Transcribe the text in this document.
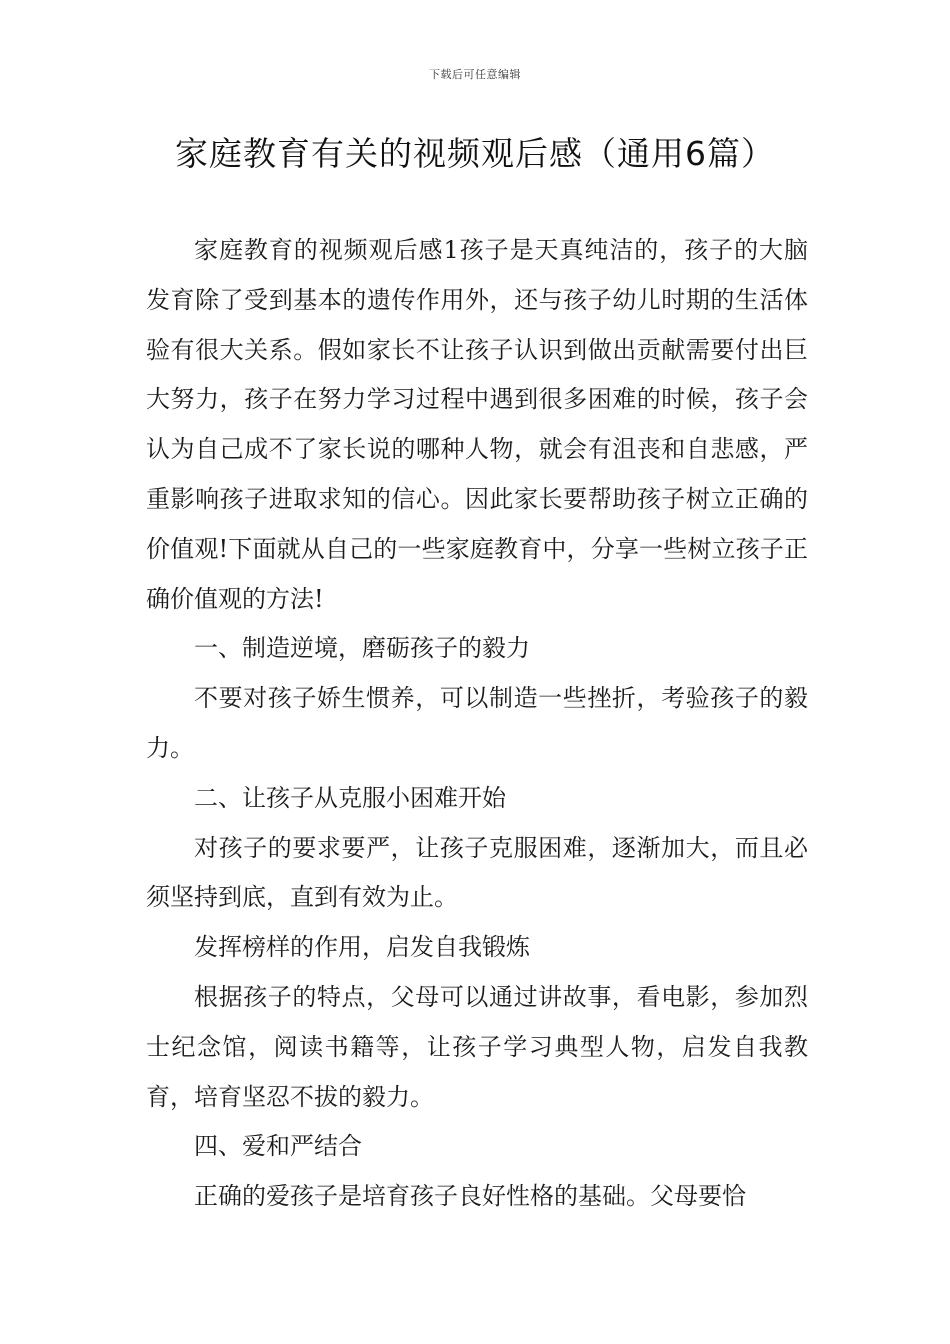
下载后可任意编辑
家庭教育有关的视频观后感（通用6篇）

家庭教育的视频观后感1孩子是天真纯洁的，孩子的大脑发育除了受到基本的遗传作用外，还与孩子幼儿时期的生活体验有很大关系。假如家长不让孩子认识到做出贡献需要付出巨大努力，孩子在努力学习过程中遇到很多困难的时候，孩子会认为自己成不了家长说的哪种人物，就会有沮丧和自悲感，严重影响孩子进取求知的信心。因此家长要帮助孩子树立正确的价值观!下面就从自己的一些家庭教育中，分享一些树立孩子正确价值观的方法!

一、制造逆境，磨砺孩子的毅力

不要对孩子娇生惯养，可以制造一些挫折，考验孩子的毅力。

二、让孩子从克服小困难开始

对孩子的要求要严，让孩子克服困难，逐渐加大，而且必须坚持到底，直到有效为止。

发挥榜样的作用，启发自我锻炼

根据孩子的特点，父母可以通过讲故事，看电影，参加烈士纪念馆，阅读书籍等，让孩子学习典型人物，启发自我教育，培育坚忍不拔的毅力。

四、爱和严结合

正确的爱孩子是培育孩子良好性格的基础。父母要恰
